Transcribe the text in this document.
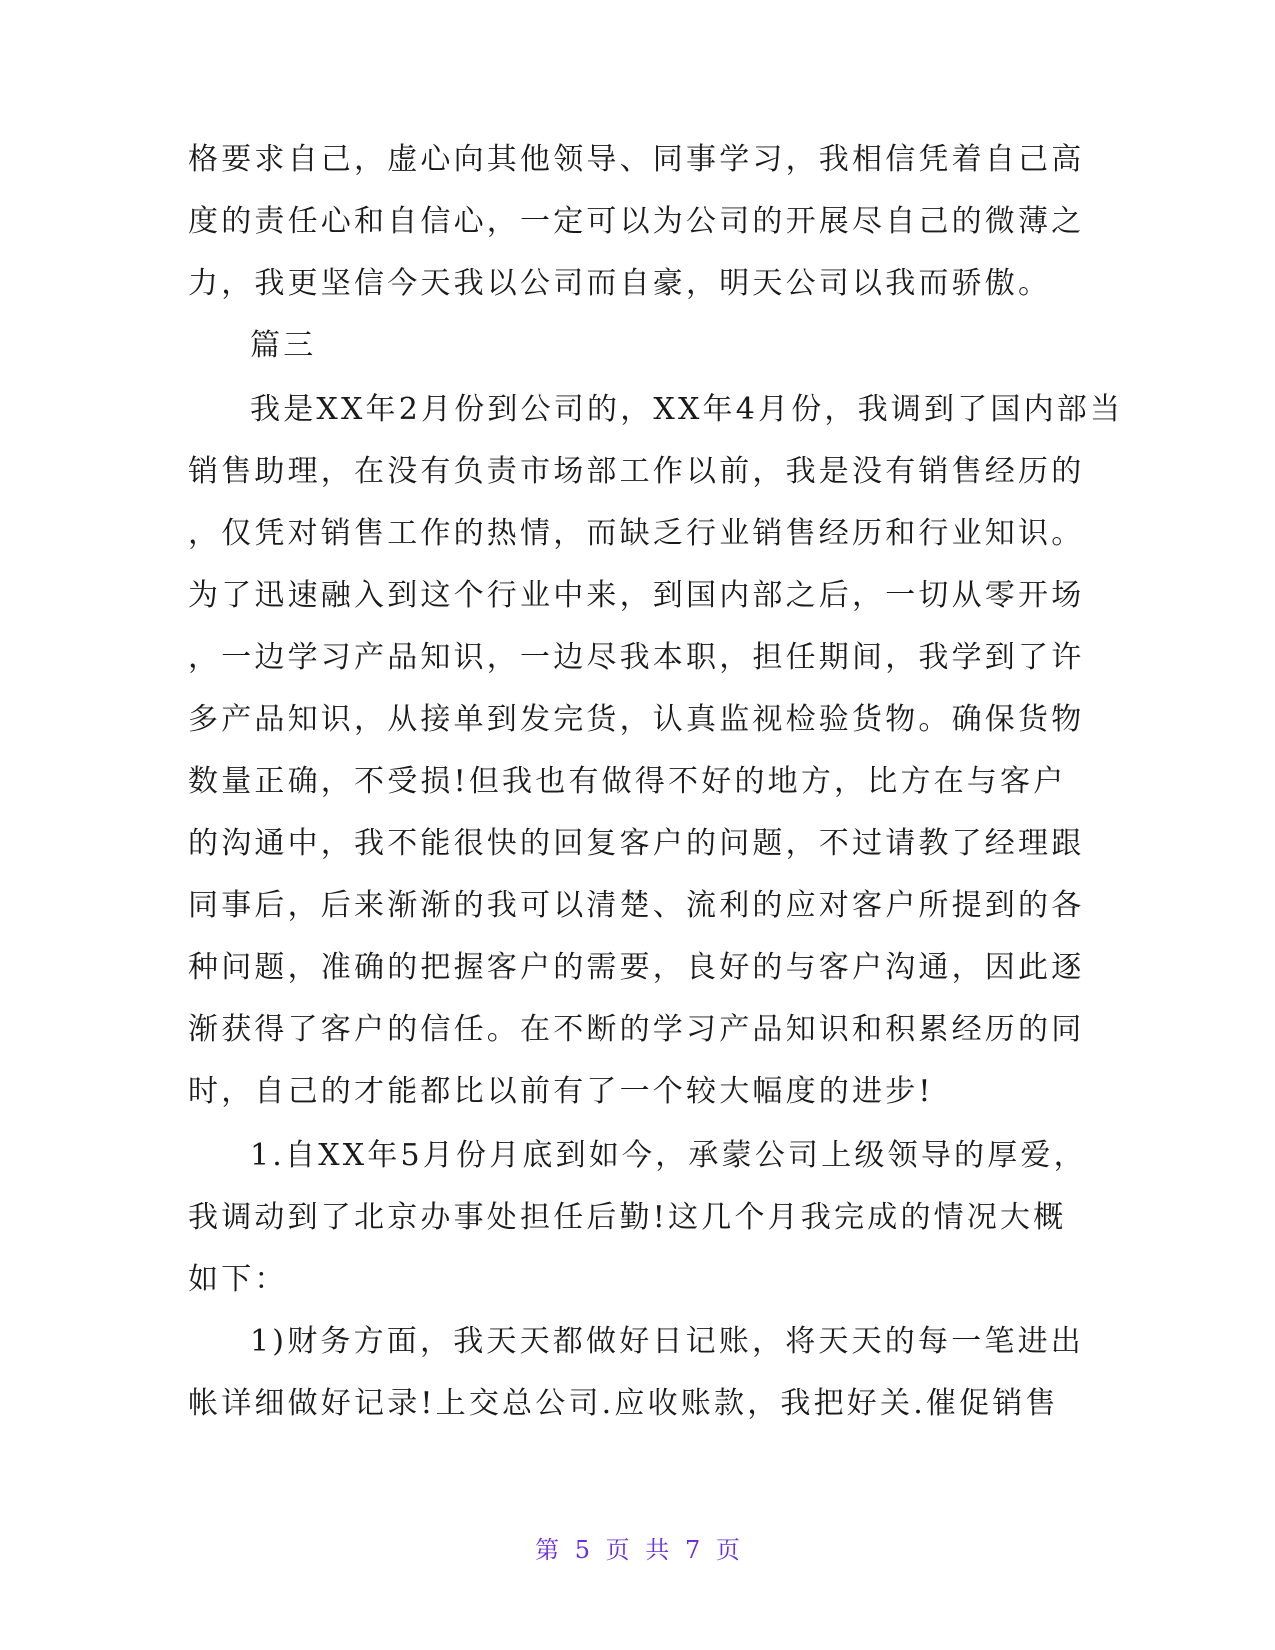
格要求自己，虚心向其他领导、同事学习，我相信凭着自己高
度的责任心和自信心，一定可以为公司的开展尽自己的微薄之
力，我更坚信今天我以公司而自豪，明天公司以我而骄傲。
篇三
我是XX年2月份到公司的，XX年4月份，我调到了国内部当
销售助理，在没有负责市场部工作以前，我是没有销售经历的
，仅凭对销售工作的热情，而缺乏行业销售经历和行业知识。
为了迅速融入到这个行业中来，到国内部之后，一切从零开场
，一边学习产品知识，一边尽我本职，担任期间，我学到了许
多产品知识，从接单到发完货，认真监视检验货物。确保货物
数量正确，不受损!但我也有做得不好的地方，比方在与客户
的沟通中，我不能很快的回复客户的问题，不过请教了经理跟
同事后，后来渐渐的我可以清楚、流利的应对客户所提到的各
种问题，准确的把握客户的需要，良好的与客户沟通，因此逐
渐获得了客户的信任。在不断的学习产品知识和积累经历的同
时，自己的才能都比以前有了一个较大幅度的进步!
1.自XX年5月份月底到如今，承蒙公司上级领导的厚爱，
我调动到了北京办事处担任后勤!这几个月我完成的情况大概
如下：
1)财务方面，我天天都做好日记账，将天天的每一笔进出
帐详细做好记录!上交总公司.应收账款，我把好关.催促销售
第 5 页 共 7 页
